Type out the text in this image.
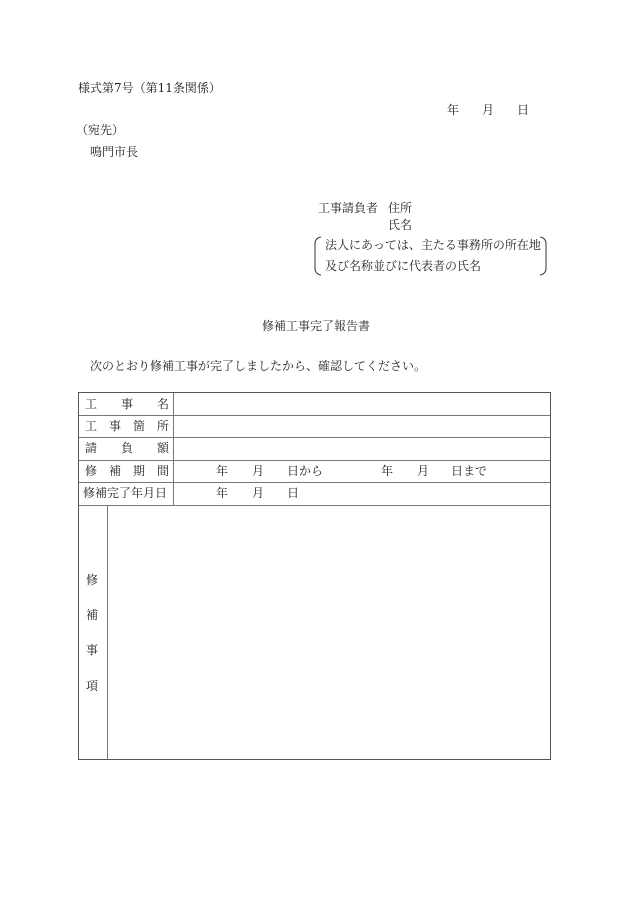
様式第7号（第11条関係）
年 月 日
（宛先）
鳴門市長
工事請負者 住所
氏名
法人にあっては、主たる事務所の所在地
及び名称並びに代表者の氏名
修補工事完了報告書
次のとおり修補工事が完了しましたから、確認してください。
工 事 名
工 事 箇 所
請 負 額
修 補 期 間
修補完了年月日
年 月 日から	年 月 日まで
年 月 日
修
補
事
項
